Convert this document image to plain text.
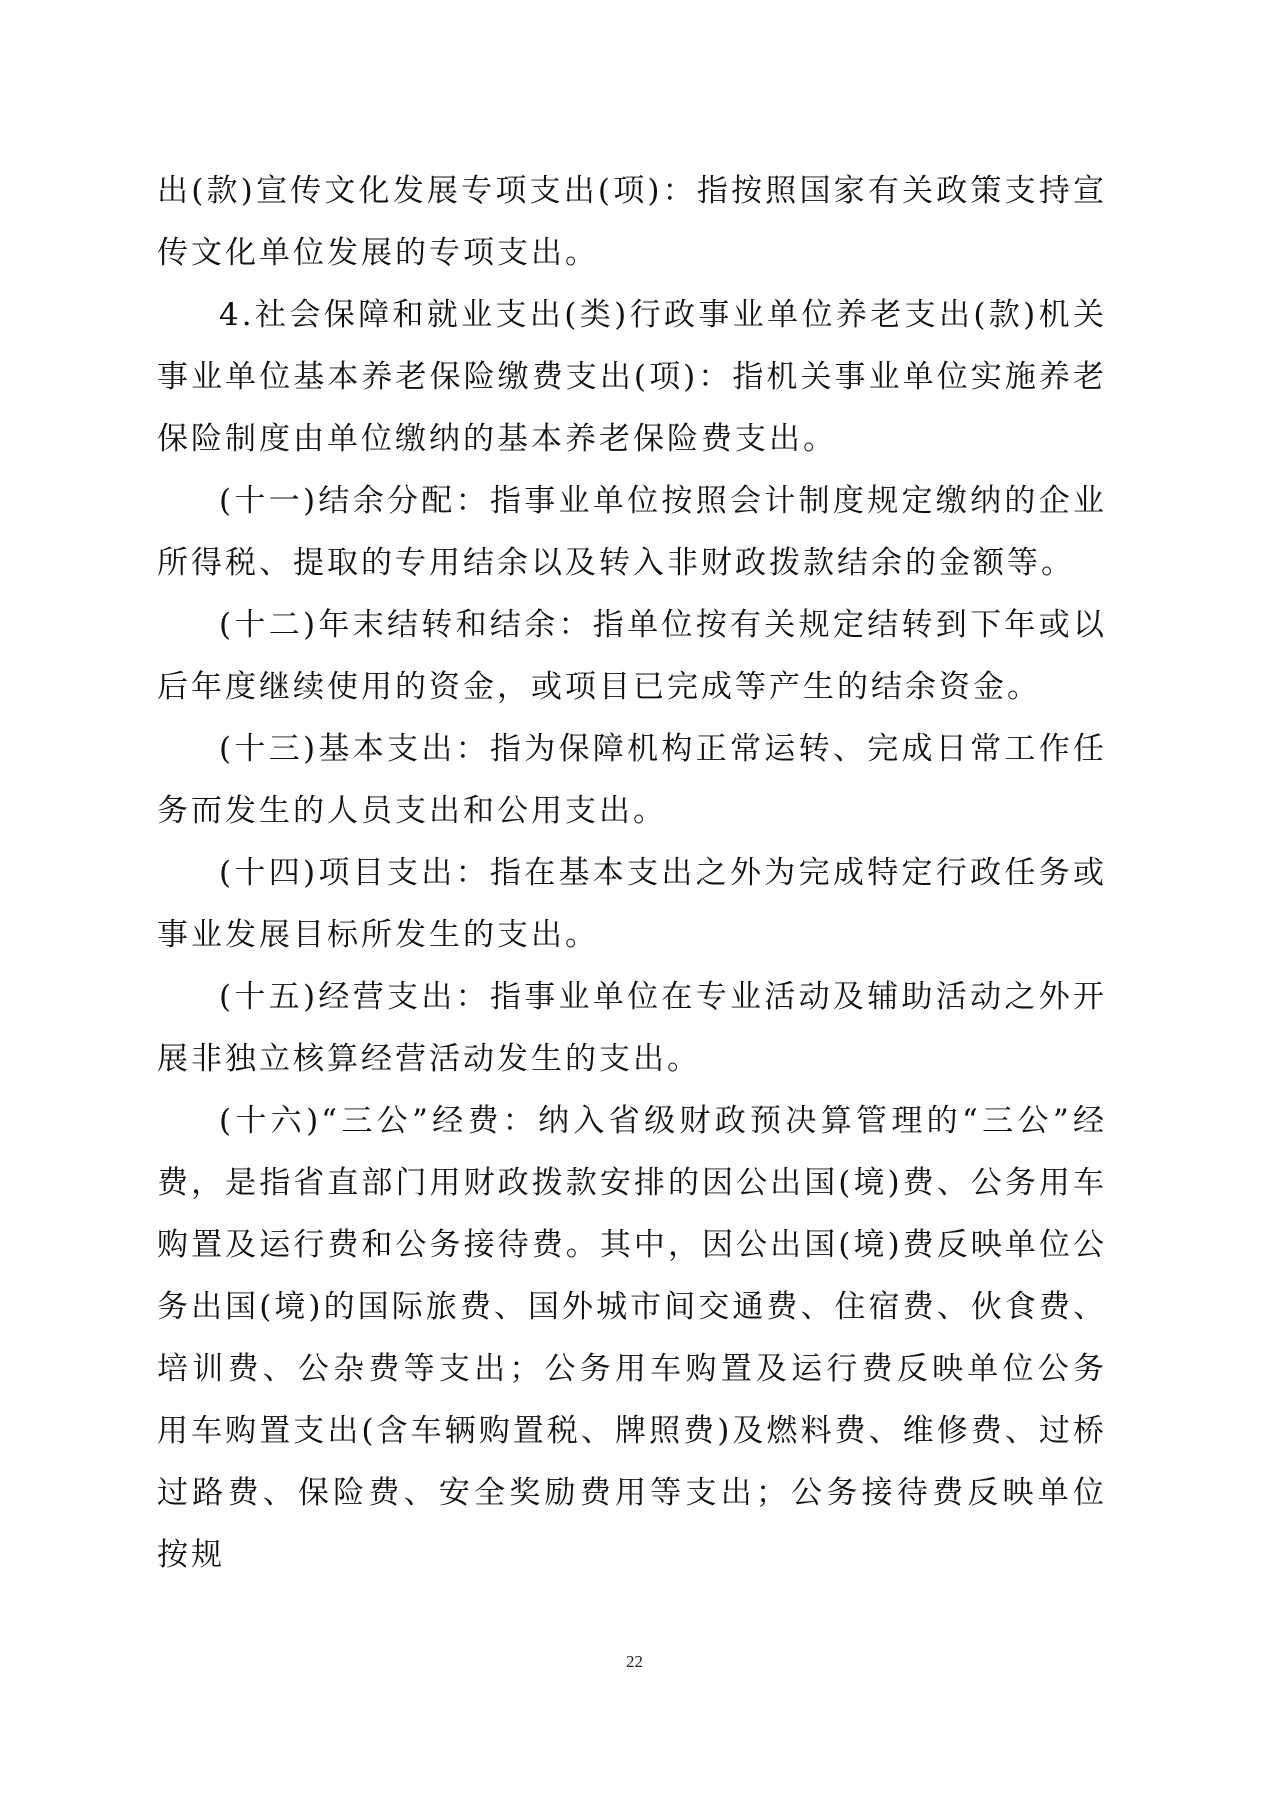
出(款)宣传文化发展专项支出(项)：指按照国家有关政策支持宣传文化单位发展的专项支出。

4.社会保障和就业支出(类)行政事业单位养老支出(款)机关事业单位基本养老保险缴费支出(项)：指机关事业单位实施养老保险制度由单位缴纳的基本养老保险费支出。

(十一)结余分配：指事业单位按照会计制度规定缴纳的企业所得税、提取的专用结余以及转入非财政拨款结余的金额等。

(十二)年末结转和结余：指单位按有关规定结转到下年或以后年度继续使用的资金，或项目已完成等产生的结余资金。

(十三)基本支出：指为保障机构正常运转、完成日常工作任务而发生的人员支出和公用支出。

(十四)项目支出：指在基本支出之外为完成特定行政任务或事业发展目标所发生的支出。

(十五)经营支出：指事业单位在专业活动及辅助活动之外开展非独立核算经营活动发生的支出。

(十六)“三公”经费：纳入省级财政预决算管理的“三公”经费，是指省直部门用财政拨款安排的因公出国(境)费、公务用车购置及运行费和公务接待费。其中，因公出国(境)费反映单位公务出国(境)的国际旅费、国外城市间交通费、住宿费、伙食费、培训费、公杂费等支出；公务用车购置及运行费反映单位公务用车购置支出(含车辆购置税、牌照费)及燃料费、维修费、过桥过路费、保险费、安全奖励费用等支出；公务接待费反映单位按规

22
